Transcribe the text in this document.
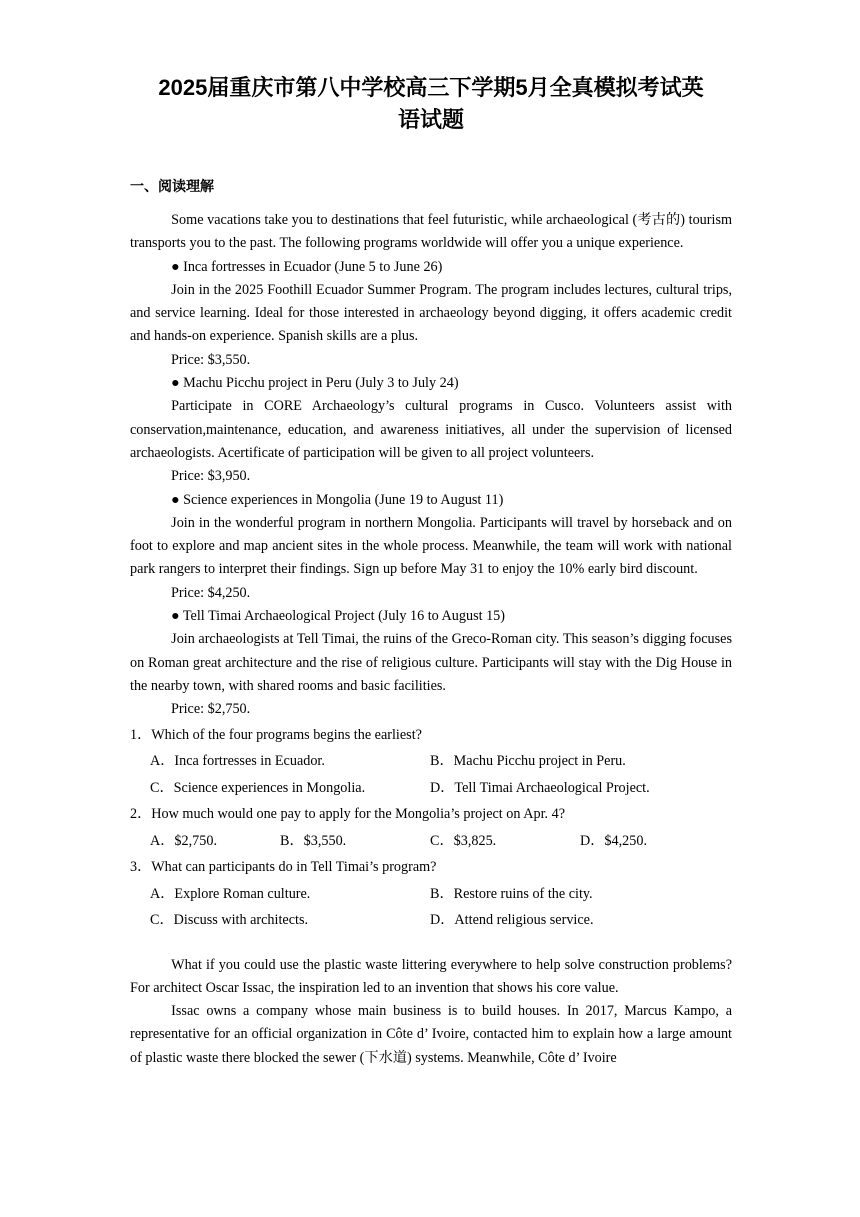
2025届重庆市第八中学校高三下学期5月全真模拟考试英
语试题
一、阅读理解

Some vacations take you to destinations that feel futuristic, while archaeological (考古的) tourism transports you to the past. The following programs worldwide will offer you a unique experience.

● Inca fortresses in Ecuador (June 5 to June 26)

Join in the 2025 Foothill Ecuador Summer Program. The program includes lectures, cultural trips, and service learning. Ideal for those interested in archaeology beyond digging, it offers academic credit and hands-on experience. Spanish skills are a plus.

Price: $3,550.

● Machu Picchu project in Peru (July 3 to July 24)

Participate in CORE Archaeology’s cultural programs in Cusco. Volunteers assist with conservation,maintenance, education, and awareness initiatives, all under the supervision of licensed archaeologists. Acertificate of participation will be given to all project volunteers.

Price: $3,950.

● Science experiences in Mongolia (June 19 to August 11)

Join in the wonderful program in northern Mongolia. Participants will travel by horseback and on foot to explore and map ancient sites in the whole process. Meanwhile, the team will work with national park rangers to interpret their findings. Sign up before May 31 to enjoy the 10% early bird discount.

Price: $4,250.

● Tell Timai Archaeological Project (July 16 to August 15)

Join archaeologists at Tell Timai, the ruins of the Greco-Roman city. This season’s digging focuses on Roman great architecture and the rise of religious culture. Participants will stay with the Dig House in the nearby town, with shared rooms and basic facilities.

Price: $2,750.

1．Which of the four programs begins the earliest?

A．Inca fortresses in Ecuador.	B．Machu Picchu project in Peru.
C．Science experiences in Mongolia.	D．Tell Timai Archaeological Project.

2．How much would one pay to apply for the Mongolia’s project on Apr. 4?

A．$2,750.	B．$3,550.	C．$3,825.	D．$4,250.

3．What can participants do in Tell Timai’s program?

A．Explore Roman culture.	B．Restore ruins of the city.
C．Discuss with architects.	D．Attend religious service.

What if you could use the plastic waste littering everywhere to help solve construction problems? For architect Oscar Issac, the inspiration led to an invention that shows his core value.

Issac owns a company whose main business is to build houses. In 2017, Marcus Kampo, a representative for an official organization in Côte d’ Ivoire, contacted him to explain how a large amount of plastic waste there blocked the sewer (下水道) systems. Meanwhile, Côte d’ Ivoire
